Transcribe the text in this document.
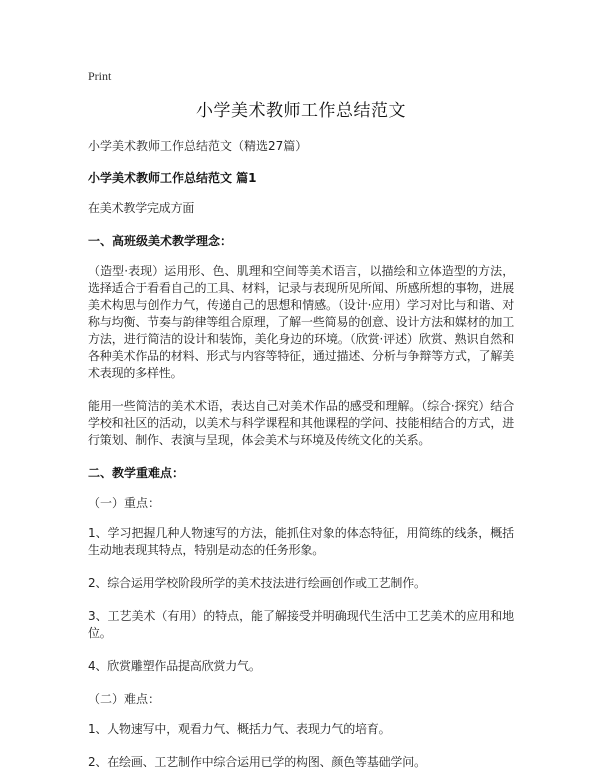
Print
小学美术教师工作总结范文
小学美术教师工作总结范文（精选27篇）
小学美术教师工作总结范文 篇1
在美术教学完成方面
一、高班级美术教学理念：
（造型·表现）运用形、色、肌理和空间等美术语言，以描绘和立体造型的方法，选择适合于看看自己的工具、材料，记录与表现所见所闻、所感所想的事物，进展美术构思与创作力气，传递自己的思想和情感。（设计·应用）学习对比与和谐、对称与均衡、节奏与韵律等组合原理，了解一些简易的创意、设计方法和媒材的加工方法，进行简洁的设计和装饰，美化身边的环境。（欣赏·评述）欣赏、熟识自然和各种美术作品的材料、形式与内容等特征，通过描述、分析与争辩等方式，了解美术表现的多样性。
能用一些简洁的美术术语，表达自己对美术作品的感受和理解。（综合·探究）结合学校和社区的活动，以美术与科学课程和其他课程的学问、技能相结合的方式，进行策划、制作、表演与呈现，体会美术与环境及传统文化的关系。
二、教学重难点：
（一）重点：
1、学习把握几种人物速写的方法，能抓住对象的体态特征，用简练的线条，概括生动地表现其特点，特别是动态的任务形象。
2、综合运用学校阶段所学的美术技法进行绘画创作或工艺制作。
3、工艺美术（有用）的特点，能了解接受并明确现代生活中工艺美术的应用和地位。
4、欣赏雕塑作品提高欣赏力气。
（二）难点：
1、人物速写中，观看力气、概括力气、表现力气的培育。
2、在绘画、工艺制作中综合运用已学的构图、颜色等基础学问。
